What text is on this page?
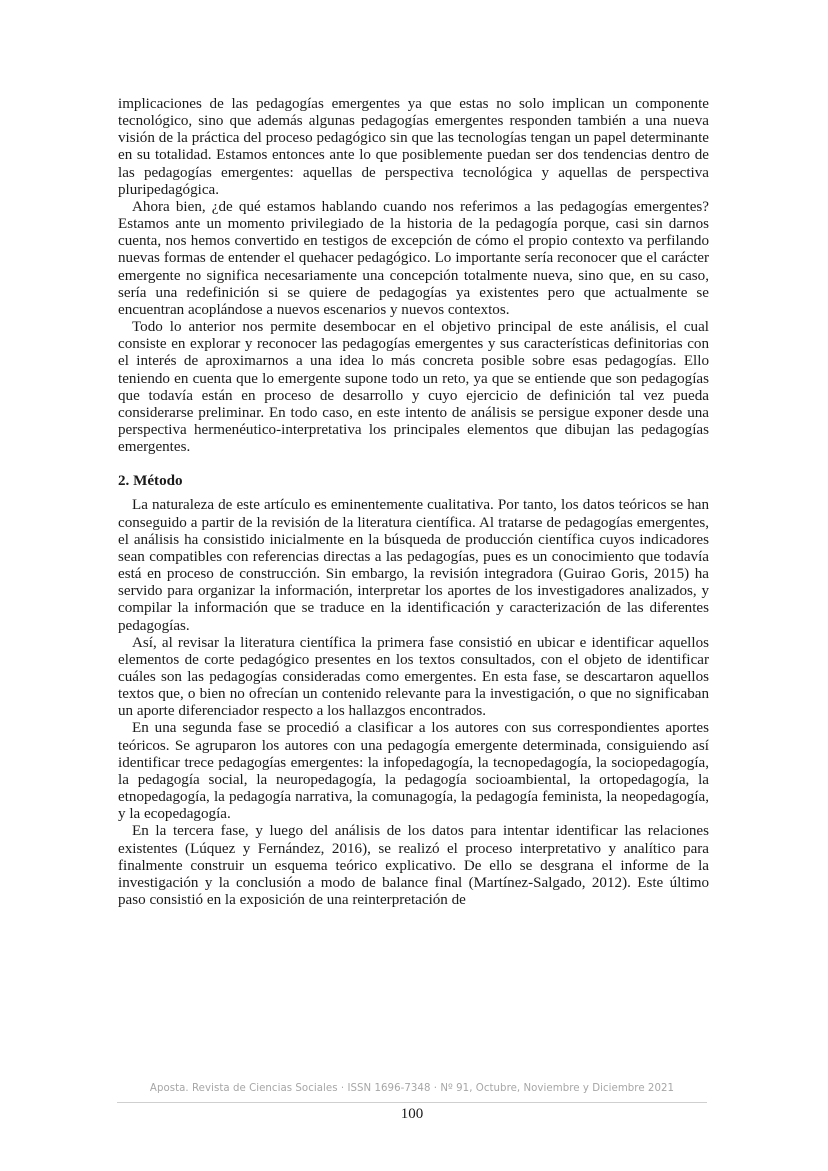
implicaciones de las pedagogías emergentes ya que estas no solo implican un componente tecnológico, sino que además algunas pedagogías emergentes responden también a una nueva visión de la práctica del proceso pedagógico sin que las tecnologías tengan un papel determinante en su totalidad. Estamos entonces ante lo que posiblemente puedan ser dos tendencias dentro de las pedagogías emergentes: aquellas de perspectiva tecnológica y aquellas de perspectiva pluripedagógica.

Ahora bien, ¿de qué estamos hablando cuando nos referimos a las pedagogías emergentes? Estamos ante un momento privilegiado de la historia de la pedagogía porque, casi sin darnos cuenta, nos hemos convertido en testigos de excepción de cómo el propio contexto va perfilando nuevas formas de entender el quehacer pedagógico. Lo importante sería reconocer que el carácter emergente no significa necesariamente una concepción totalmente nueva, sino que, en su caso, sería una redefinición si se quiere de pedagogías ya existentes pero que actualmente se encuentran acoplándose a nuevos escenarios y nuevos contextos.

Todo lo anterior nos permite desembocar en el objetivo principal de este análisis, el cual consiste en explorar y reconocer las pedagogías emergentes y sus características definitorias con el interés de aproximarnos a una idea lo más concreta posible sobre esas pedagogías. Ello teniendo en cuenta que lo emergente supone todo un reto, ya que se entiende que son pedagogías que todavía están en proceso de desarrollo y cuyo ejercicio de definición tal vez pueda considerarse preliminar. En todo caso, en este intento de análisis se persigue exponer desde una perspectiva hermenéutico-interpretativa los principales elementos que dibujan las pedagogías emergentes.

2. Método

La naturaleza de este artículo es eminentemente cualitativa. Por tanto, los datos teóricos se han conseguido a partir de la revisión de la literatura científica. Al tratarse de pedagogías emergentes, el análisis ha consistido inicialmente en la búsqueda de producción científica cuyos indicadores sean compatibles con referencias directas a las pedagogías, pues es un conocimiento que todavía está en proceso de construcción. Sin embargo, la revisión integradora (Guirao Goris, 2015) ha servido para organizar la información, interpretar los aportes de los investigadores analizados, y compilar la información que se traduce en la identificación y caracterización de las diferentes pedagogías.

Así, al revisar la literatura científica la primera fase consistió en ubicar e identificar aquellos elementos de corte pedagógico presentes en los textos consultados, con el objeto de identificar cuáles son las pedagogías consideradas como emergentes. En esta fase, se descartaron aquellos textos que, o bien no ofrecían un contenido relevante para la investigación, o que no significaban un aporte diferenciador respecto a los hallazgos encontrados.

En una segunda fase se procedió a clasificar a los autores con sus correspondientes aportes teóricos. Se agruparon los autores con una pedagogía emergente determinada, consiguiendo así identificar trece pedagogías emergentes: la infopedagogía, la tecnopedagogía, la sociopedagogía, la pedagogía social, la neuropedagogía, la pedagogía socioambiental, la ortopedagogía, la etnopedagogía, la pedagogía narrativa, la comunagogía, la pedagogía feminista, la neopedagogía, y la ecopedagogía.

En la tercera fase, y luego del análisis de los datos para intentar identificar las relaciones existentes (Lúquez y Fernández, 2016), se realizó el proceso interpretativo y analítico para finalmente construir un esquema teórico explicativo. De ello se desgrana el informe de la investigación y la conclusión a modo de balance final (Martínez-Salgado, 2012). Este último paso consistió en la exposición de una reinterpretación de

Aposta. Revista de Ciencias Sociales · ISSN 1696-7348 · Nº 91, Octubre, Noviembre y Diciembre 2021
100
